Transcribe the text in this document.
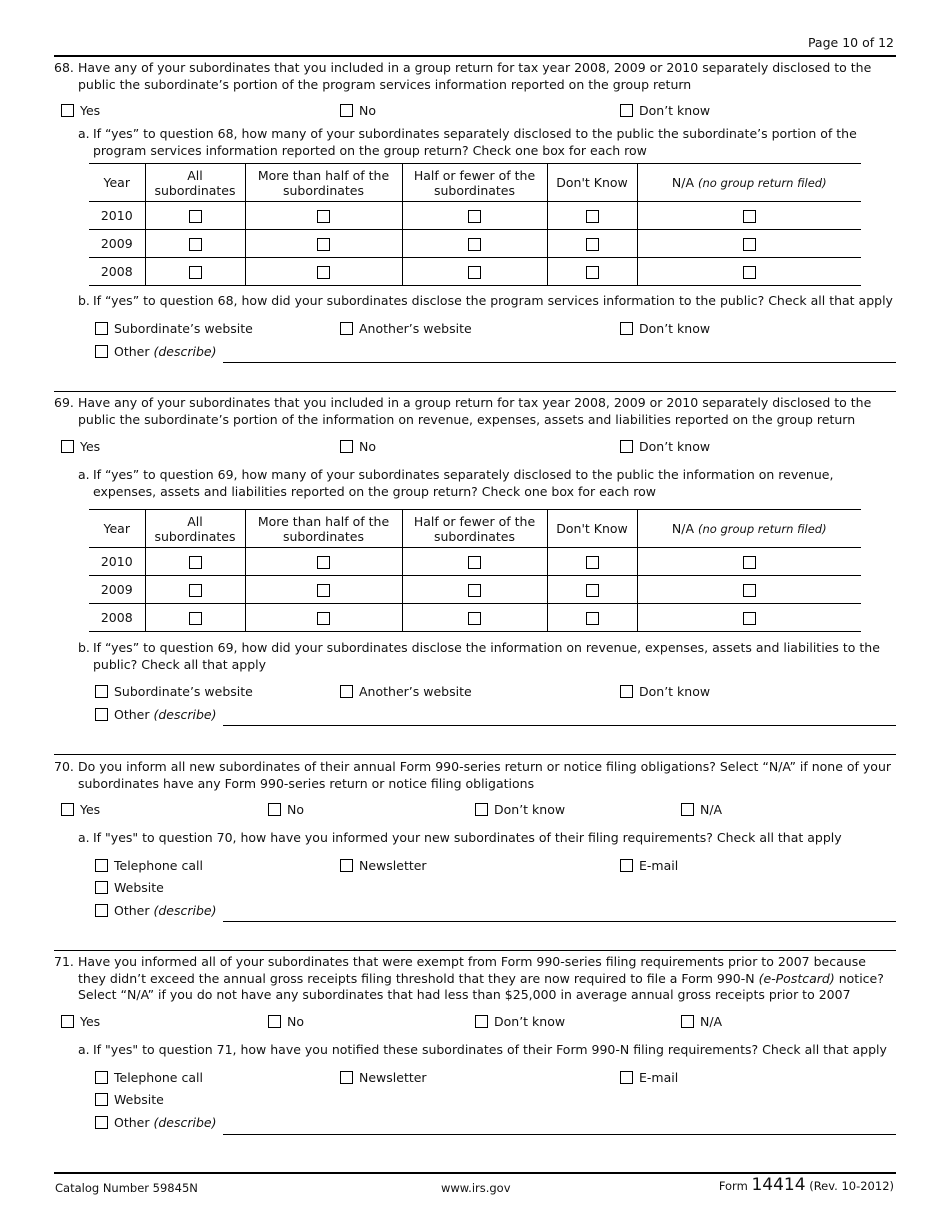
Page 10 of 12
68. Have any of your subordinates that you included in a group return for tax year 2008, 2009 or 2010 separately disclosed to the public the subordinate’s portion of the program services information reported on the group return
Yes	No	Don’t know
a. If “yes” to question 68, how many of your subordinates separately disclosed to the public the subordinate’s portion of the program services information reported on the group return? Check one box for each row
Year	All subordinates	More than half of the subordinates	Half or fewer of the subordinates	Don't Know	N/A (no group return filed)
2010					
2009					
2008					
b. If “yes” to question 68, how did your subordinates disclose the program services information to the public? Check all that apply
Subordinate’s website	Another’s website	Don’t know
Other
(describe)
69. Have any of your subordinates that you included in a group return for tax year 2008, 2009 or 2010 separately disclosed to the public the subordinate’s portion of the information on revenue, expenses, assets and liabilities reported on the group return
Yes	No	Don’t know
a. If “yes” to question 69, how many of your subordinates separately disclosed to the public the information on revenue, expenses, assets and liabilities reported on the group return? Check one box for each row
Year	All subordinates	More than half of the subordinates	Half or fewer of the subordinates	Don't Know	N/A (no group return filed)
2010					
2009					
2008					
b. If “yes” to question 69, how did your subordinates disclose the information on revenue, expenses, assets and liabilities to the public? Check all that apply
Subordinate’s website	Another’s website	Don’t know
Other
(describe)
70. Do you inform all new subordinates of their annual Form 990-series return or notice filing obligations? Select “N/A” if none of your subordinates have any Form 990-series return or notice filing obligations
Yes	No	Don’t know	N/A
a. If "yes" to question 70, how have you informed your new subordinates of their filing requirements? Check all that apply
Telephone call	Newsletter	E-mail
Website
Other
(describe)
71. Have you informed all of your subordinates that were exempt from Form 990-series filing requirements prior to 2007 because they didn’t exceed the annual gross receipts filing threshold that they are now required to file a Form 990-N (e-Postcard) notice? Select “N/A” if you do not have any subordinates that had less than $25,000 in average annual gross receipts prior to 2007
Yes	No	Don’t know	N/A
a. If "yes" to question 71, how have you notified these subordinates of their Form 990-N filing requirements? Check all that apply
Telephone call	Newsletter	E-mail
Website
Other
(describe)
Catalog Number 59845N	www.irs.gov	Form 14414 (Rev. 10-2012)
